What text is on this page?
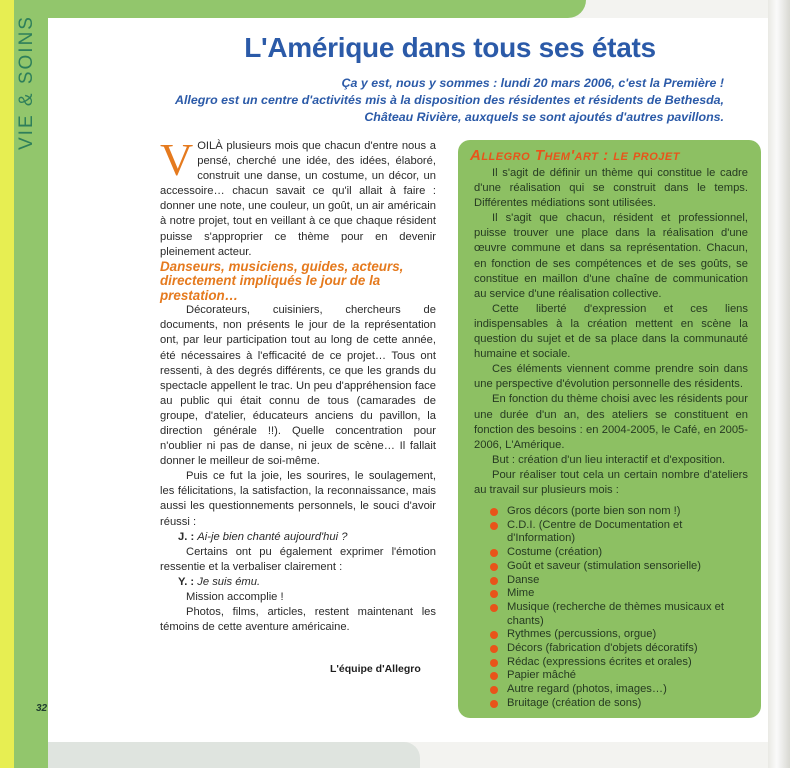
VIE & SOINS
32
L'Amérique dans tous ses états
Ça y est, nous y sommes : lundi 20 mars 2006, c'est la Première !
Allegro est un centre d'activités mis à la disposition des résidentes et résidents de Bethesda,
Château Rivière, auxquels se sont ajoutés d'autres pavillons.

VOILÀ plusieurs mois que chacun d'entre nous a pensé, cherché une idée, des idées, élaboré, construit une danse, un costume, un décor, un accessoire… chacun savait ce qu'il allait à faire : donner une note, une couleur, un goût, un air américain à notre projet, tout en veillant à ce que chaque résident puisse s'approprier ce thème pour en devenir pleinement acteur.

Danseurs, musiciens, guides, acteurs, directement impliqués le jour de la prestation…

Décorateurs, cuisiniers, chercheurs de documents, non présents le jour de la représentation ont, par leur participation tout au long de cette année, été nécessaires à l'efficacité de ce projet… Tous ont ressenti, à des degrés différents, ce que les grands du spectacle appellent le trac. Un peu d'appréhension face au public qui était connu de tous (camarades de groupe, d'atelier, éducateurs anciens du pavillon, la direction générale !!). Quelle concentration pour n'oublier ni pas de danse, ni jeux de scène… Il fallait donner le meilleur de soi-même.

Puis ce fut la joie, les sourires, le soulagement, les félicitations, la satisfaction, la reconnaissance, mais aussi les questionnements personnels, le souci d'avoir réussi :

J. : Ai-je bien chanté aujourd'hui ?

Certains ont pu également exprimer l'émotion ressentie et la verbaliser clairement :

Y. : Je suis ému.

Mission accomplie !

Photos, films, articles, restent maintenant les témoins de cette aventure américaine.

L'équipe d'Allegro
Allegro Them'art : le projet

Il s'agit de définir un thème qui constitue le cadre d'une réalisation qui se construit dans le temps. Différentes médiations sont utilisées.

Il s'agit que chacun, résident et professionnel, puisse trouver une place dans la réalisation d'une œuvre commune et dans sa représentation. Chacun, en fonction de ses compétences et de ses goûts, se constitue en maillon d'une chaîne de communication au service d'une réalisation collective.

Cette liberté d'expression et ces liens indispensables à la création mettent en scène la question du sujet et de sa place dans la communauté humaine et sociale.

Ces éléments viennent comme prendre soin dans une perspective d'évolution personnelle des résidents.

En fonction du thème choisi avec les résidents pour une durée d'un an, des ateliers se constituent en fonction des besoins : en 2004-2005, le Café, en 2005-2006, L'Amérique.

But : création d'un lieu interactif et d'exposition.

Pour réaliser tout cela un certain nombre d'ateliers au travail sur plusieurs mois :

Gros décors (porte bien son nom !)
C.D.I. (Centre de Documentation et d'Information)
Costume (création)
Goût et saveur (stimulation sensorielle)
Danse
Mime
Musique (recherche de thèmes musicaux et chants)
Rythmes (percussions, orgue)
Décors (fabrication d'objets décoratifs)
Rédac (expressions écrites et orales)
Papier mâché
Autre regard (photos, images…)
Bruitage (création de sons)
